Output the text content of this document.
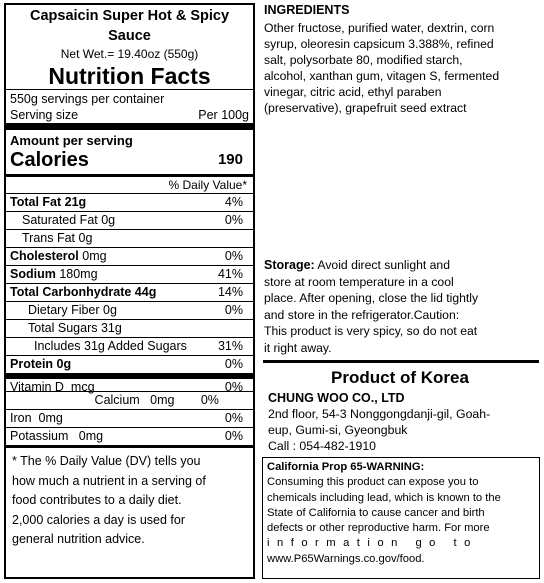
Capsaicin Super Hot & Spicy
Sauce
Net Wet.= 19.40oz (550g)
Nutrition Facts
550g servings per container
Serving size	Per 100g
Amount per serving
Calories	190
% Daily Value*
Total Fat 21g	4%
Saturated Fat 0g	0%
Trans Fat 0g
Cholesterol 0mg	0%
Sodium 180mg	41%
Total Carbonhydrate 44g	14%
Dietary Fiber 0g	0%
Total Sugars 31g
Includes 31g Added Sugars 31%
Protein 0g	0%
Vitamin D mcg	0%
Calcium 0mg 0%
Iron 0mg	0%
Potassium 0mg	0%
* The % Daily Value (DV) tells you
how much a nutrient in a serving of
food contributes to a daily diet.
2,000 calories a day is used for
general nutrition advice.
INGREDIENTS
Other fructose, purified water, dextrin, corn
syrup, oleoresin capsicum 3.388%, refined
salt, polysorbate 80, modified starch,
alcohol, xanthan gum, vitagen S, fermented
vinegar, citric acid, ethyl paraben
(preservative), grapefruit seed extract
Storage: Avoid direct sunlight and
store at room temperature in a cool
place. After opening, close the lid tightly
and store in the refrigerator.Caution:
This product is very spicy, so do not eat
it right away.
Product of Korea
CHUNG WOO CO., LTD
2nd floor, 54-3 Nonggongdanji-gil, Goah-
eup, Gumi-si, Gyeongbuk
Call : 054-482-1910
California Prop 65-WARNING:
Consuming this product can expose you to
chemicals including lead, which is known to the
State of California to cause cancer and birth
defects or other reproductive harm. For more
information go to
www.P65Warnings.co.gov/food.
